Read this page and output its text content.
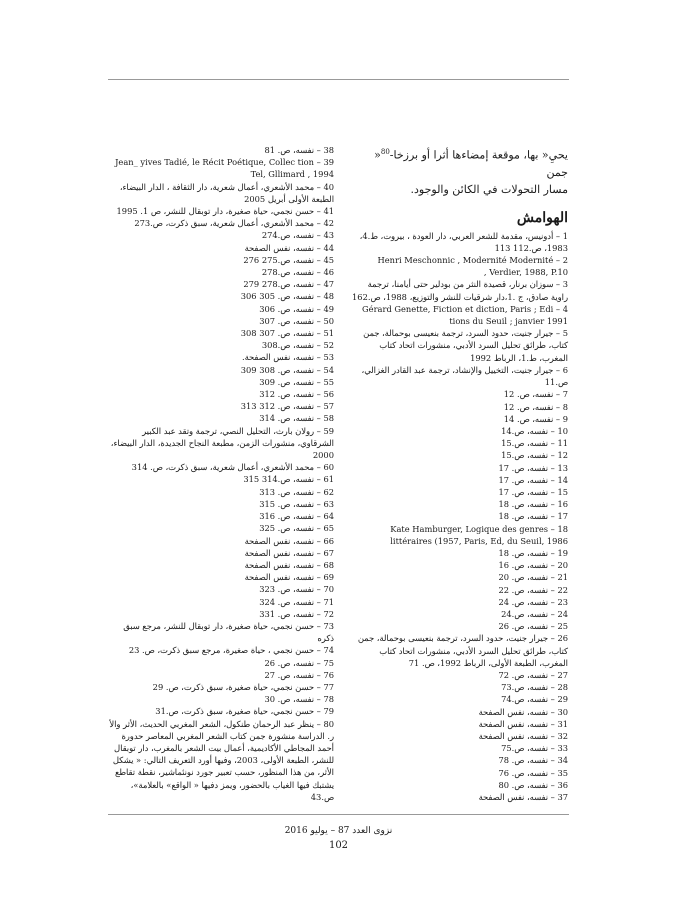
يحيِ« بها، موقعة إمضاءها أثرا أو برزخا-$^{80}$« جمن
مسار التحولات في الكائن والوجود.

الهوامش

1 – أدونيس، مقدمة للشعر العربي، دار العودة ، بيروت، ط.4، 1983، ص.112 113

2 – Henri Meschonnic , Modernité Modernité Verdier, 1988, P.10 ,

3 – سوزان برنار، قصيدة النثر من بودلير حتى أيامنا، ترجمة راوية صادق، ج .1،دار شرقيات للنشر والتوزيع، 1988، ص.162

4 – Gérard Genette, Fiction et diction, Paris ; Edi tions du Seuil ; janvier 1991

5 – جيرار جنيت، حدود السرد، ترجمة بنعيسى بوحمالة، جمن كتاب، طرائق تحليل السرد الأدبي، منشورات اتحاد كتاب المغرب، ط.1، الرباط 1992

6 – جيرار جنيت، التخييل والإنشاد، ترجمة عبد القادر الغزالي، ص.11

7 – نفسه، ص. 12

8 – نفسه، ص. 12

9 – نفسه، ص. 14

10 – نفسه، ص.14

11 – نفسه، ص.15

12 – نفسه، ص.15

13 – نفسه، ص. 17

14 – نفسه، ص. 17

15 – نفسه، ص. 17

16 – نفسه، ص. 18

17 – نفسه، ص. 18

18 – Kate Hamburger, Logique des genres littéraires (1957, Paris, Ed, du Seuil, 1986

19 – نفسه، ص. 18

20 – نفسه، ص. 16

21 – نفسه، ص. 20

22 – نفسه، ص. 22

23 – نفسه، ص. 24

24 – نفسه، ص.24

25 – نفسه، ص. 26

26 – جيرار جنيت، حدود السرد، ترجمة بنعيسى بوحمالة، جمن كتاب، طرائق تحليل السرد الأدبي، منشورات اتحاد كتاب المغرب، الطبعة الأولى، الرباط 1992، ص. 71

27 – نفسه، ص. 72

28 – نفسه، ص.73

29 – نفسه، ص.74

30 – نفسه، نفس الصفحة

31 – نفسه، نفس الصفحة

32 – نفسه، نفس الصفحة

33 – نفسه، ص.75

34 – نفسه، ص. 78

35 – نفسه، ص. 76

36 – نفسه، ص. 80

37 – نفسه، نفس الصفحة

38 – نفسه، ص. 81

39 – Jean_ yives Tadié, le Récit Poétique, Collec tion Tel, Gllimard , 1994

40 – محمد الأشعري، أعمال شعرية، دار الثقافة ، الدار البيضاء، الطبعة الأولى أبريل 2005

41 – حسن نجمي، حياة صغيرة، دار توبقال للنشر، ص 1. 1995

42 – محمد الأشعري، أعمال شعرية، سبق ذكرت، ص.273

43 – نفسه، ص.274

44 – نفسه، نفس الصفحة

45 – نفسه، ص.275 276

46 – نفسه، ص.278

47 – نفسه، ص.278 279

48 – نفسه، ص. 305 306

49 – نفسه، ص. 306

50 – نفسه، ص. 307

51 – نفسه، ص. 307 308

52 – نفسه، ص.308

53 – نفسه، نفس الصفحة.

54 – نفسه، ص. 308 309

55 – نفسه، ص. 309

56 – نفسه، ص. 312

57 – نفسه، ص. 312 313

58 – نفسه، ص. 314

59 – رولان بارث، التحليل النصي، ترجمة وتقد عبد الكبير الشرقاوي، منشورات الزمن، مطبعة النجاح الجديدة، الدار البيضاء، 2000

60 – محمد الأشعري، أعمال شعرية، سبق ذكرت، ص. 314

61 – نفسه، ص.314 315

62 – نفسه، ص. 313

63 – نفسه، ص. 315

64 – نفسه، ص. 316

65 – نفسه، ص. 325

66 – نفسه، نفس الصفحة

67 – نفسه، نفس الصفحة

68 – نفسه، نفس الصفحة

69 – نفسه، نفس الصفحة

70 – نفسه، ص. 323

71 – نفسه، ص. 324

72 – نفسه، ص. 331

73 – حسن نجمي، حياة صغيرة، دار توبقال للنشر، مرجع سبق ذكره

74 – حسن نجمي ، حياة صغيرة، مرجع سبق ذكرت، ص. 23

75 – نفسه، ص. 26

76 – نفسه، ص. 27

77 – حسن نجمي، حياة صغيرة، سبق ذكرت، ص. 29

78 – نفسه، ص. 30

79 – حسن نجمي، حياة صغيرة، سبق ذكرت، ص.31

80 – ينظر عبد الرحمان طنكول، الشعر المغربي الحديث، الأثر والأ ر. الدراسة منشورة جمن كتاب الشعر المغربي المعاصر حدورة أحمد المجاطي الأكاديمية، أعمال بيت الشعر بالمغرب، دار توبقال للنشر، الطبعة الأولى، 2003، وفيها أورد التعريف التالي: « يشكل الأثر، من هذا المنظور، حسب تعبير جورد نونئماشير، نقطة تقاطع يشتبك فيها الغياب بالحضور، ويمز دفيها « الواقع» بالعلامة»، ص.43

نزوى العدد 87 – يوليو 2016
102
